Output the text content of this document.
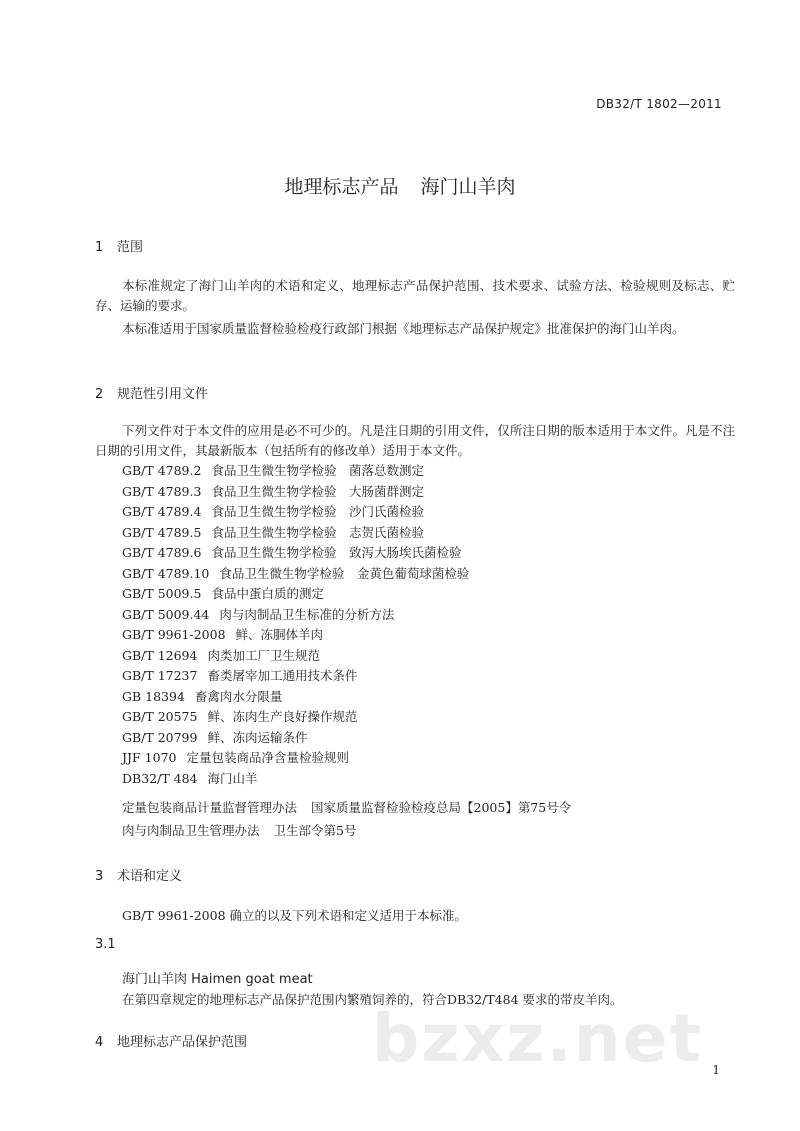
DB32/T 1802—2011
地理标志产品 海门山羊肉
1 范围
本标准规定了海门山羊肉的术语和定义、地理标志产品保护范围、技术要求、试验方法、检验规则及标志、贮存、运输的要求。
本标准适用于国家质量监督检验检疫行政部门根据《地理标志产品保护规定》批准保护的海门山羊肉。
2 规范性引用文件
下列文件对于本文件的应用是必不可少的。凡是注日期的引用文件，仅所注日期的版本适用于本文件。凡是不注日期的引用文件，其最新版本（包括所有的修改单）适用于本文件。
GB/T 4789.2 食品卫生微生物学检验　菌落总数测定
GB/T 4789.3 食品卫生微生物学检验　大肠菌群测定
GB/T 4789.4 食品卫生微生物学检验　沙门氏菌检验
GB/T 4789.5 食品卫生微生物学检验　志贺氏菌检验
GB/T 4789.6 食品卫生微生物学检验　致泻大肠埃氏菌检验
GB/T 4789.10 食品卫生微生物学检验　金黄色葡萄球菌检验
GB/T 5009.5 食品中蛋白质的测定
GB/T 5009.44 肉与肉制品卫生标准的分析方法
GB/T 9961-2008 鲜、冻胴体羊肉
GB/T 12694 肉类加工厂卫生规范
GB/T 17237 畜类屠宰加工通用技术条件
GB 18394 畜禽肉水分限量
GB/T 20575 鲜、冻肉生产良好操作规范
GB/T 20799 鲜、冻肉运输条件
JJF 1070 定量包装商品净含量检验规则
DB32/T 484 海门山羊
定量包装商品计量监督管理办法 国家质量监督检验检疫总局【2005】第75号令
肉与肉制品卫生管理办法 卫生部令第5号
3 术语和定义
GB/T 9961-2008 确立的以及下列术语和定义适用于本标准。
3.1
海门山羊肉 Haimen goat meat
在第四章规定的地理标志产品保护范围内繁殖饲养的，符合DB32/T484 要求的带皮羊肉。
4 地理标志产品保护范围 bzxz.net 1
